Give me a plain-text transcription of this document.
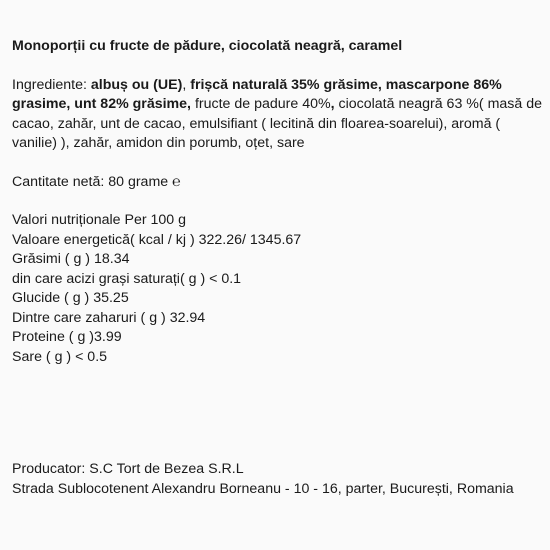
Monoporții cu fructe de pădure, ciocolată neagră, caramel
Ingrediente: albuș ou (UE), frișcă naturală 35% grăsime, mascarpone 86% grasime, unt 82% grăsime, fructe de padure 40%, ciocolată neagră 63 %( masă de cacao, zahăr, unt de cacao, emulsifiant ( lecitină din floarea-soarelui), aromă ( vanilie) ), zahăr, amidon din porumb, oțet, sare
Cantitate netă: 80 grame ℮
Valori nutriționale Per 100 g
Valoare energetică( kcal / kj ) 322.26/ 1345.67
Grăsimi ( g ) 18.34
din care acizi grași saturați( g ) < 0.1
Glucide ( g ) 35.25
Dintre care zaharuri ( g ) 32.94
Proteine ( g )3.99
Sare ( g ) < 0.5
Producator: S.C Tort de Bezea S.R.L
Strada Sublocotenent Alexandru Borneanu - 10 - 16, parter, București, Romania
